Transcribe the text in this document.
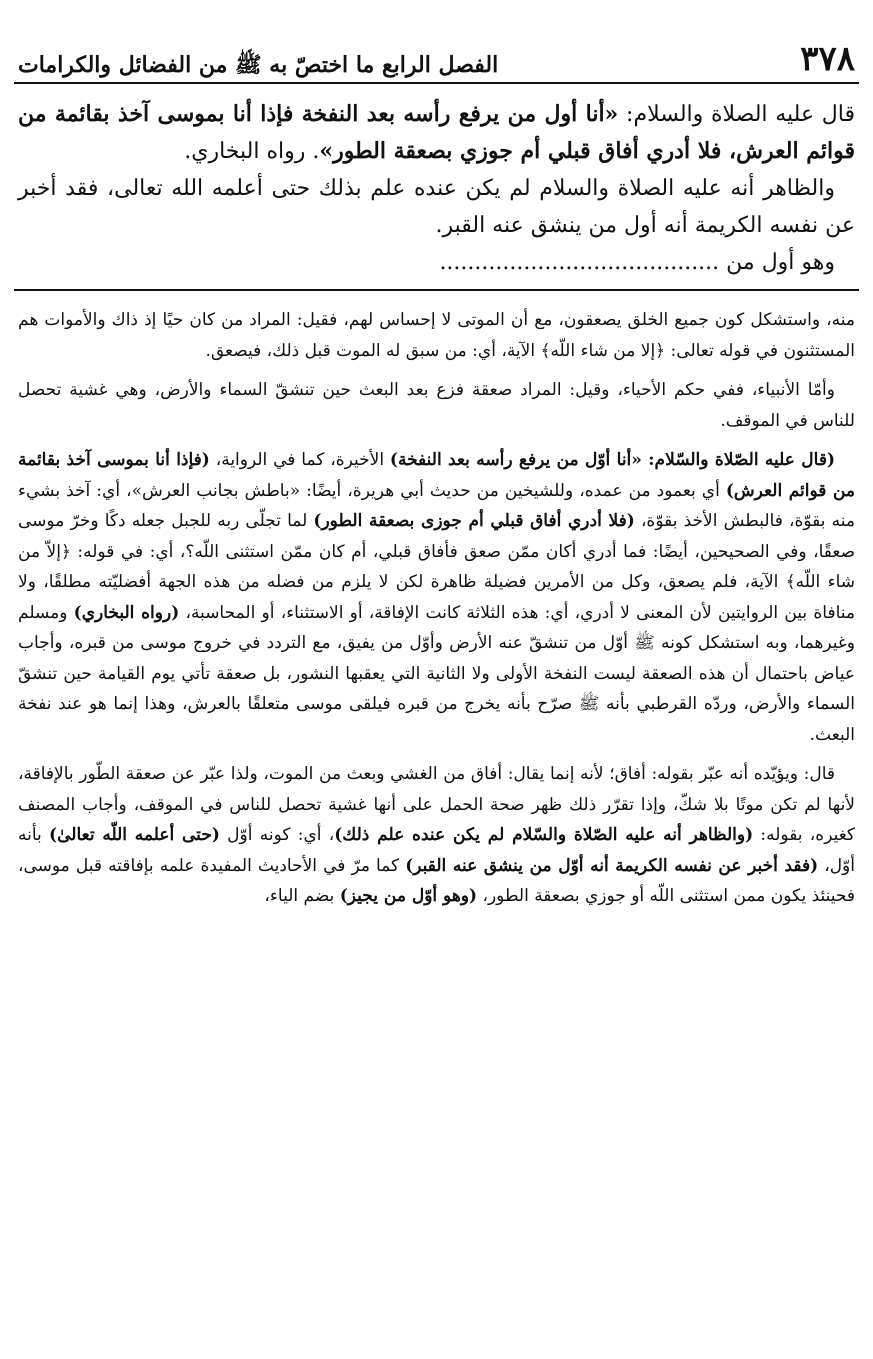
٣٧٨
الفصل الرابع ما اختصّ به ﷺ من الفضائل والكرامات

قال عليه الصلاة والسلام: «أنا أول من يرفع رأسه بعد النفخة فإذا أنا بموسى آخذ بقائمة من قوائم العرش، فلا أدري أفاق قبلي أم جوزي بصعقة الطور». رواه البخاري.

والظاهر أنه عليه الصلاة والسلام لم يكن عنده علم بذلك حتى أعلمه الله تعالى، فقد أخبر عن نفسه الكريمة أنه أول من ينشق عنه القبر.

وهو أول من ........................................

منه، واستشكل كون جميع الخلق يصعقون، مع أن الموتى لا إحساس لهم، فقيل: المراد من كان حيًا إذ ذاك والأموات هم المستثنون في قوله تعالى: ﴿إلا من شاء اللّه﴾ الآية، أي: من سبق له الموت قبل ذلك، فيصعق.

وأمّا الأنبياء، ففي حكم الأحياء، وقيل: المراد صعقة فزع بعد البعث حين تنشقّ السماء والأرض، وهي غشية تحصل للناس في الموقف.

(قال عليه الصّلاة والسّلام: «أنا أوّل من يرفع رأسه بعد النفخة) الأخيرة، كما في الرواية، (فإذا أنا بموسى آخذ بقائمة من قوائم العرش) أي بعمود من عمده، وللشيخين من حديث أبي هريرة، أيضًا: «باطش بجانب العرش»، أي: آخذ بشيء منه بقوّة، فالبطش الأخذ بقوّة، (فلا أدري أفاق قبلي أم جوزى بصعقة الطور) لما تجلّى ربه للجبل جعله دكًا وخرّ موسى صعقًا، وفي الصحيحين، أيضًا: فما أدري أكان ممّن صعق فأفاق قبلي، أم كان ممّن استثنى اللّه؟، أي: في قوله: ﴿إلاّ من شاء اللّه﴾ الآية، فلم يصعق، وكل من الأمرين فضيلة ظاهرة لكن لا يلزم من فضله من هذه الجهة أفضليّته مطلقًا، ولا منافاة بين الروايتين لأن المعنى لا أدري، أي: هذه الثلاثة كانت الإفاقة، أو الاستثناء، أو المحاسبة، (رواه البخاري) ومسلم وغيرهما، وبه استشكل كونه ﷺ أوّل من تنشقّ عنه الأرض وأوّل من يفيق، مع التردد في خروج موسى من قبره، وأجاب عياض باحتمال أن هذه الصعقة ليست النفخة الأولى ولا الثانية التي يعقبها النشور، بل صعقة تأتي يوم القيامة حين تنشقّ السماء والأرض، وردّه القرطبي بأنه ﷺ صرّح بأنه يخرج من قبره فيلقى موسى متعلقًا بالعرش، وهذا إنما هو عند نفخة البعث.

قال: ويؤيّده أنه عبّر بقوله: أفاق؛ لأنه إنما يقال: أفاق من الغشي وبعث من الموت، ولذا عبّر عن صعقة الطّور بالإفاقة، لأنها لم تكن موتًا بلا شكّ، وإذا تقرّر ذلك ظهر صحة الحمل على أنها غشية تحصل للناس في الموقف، وأجاب المصنف كغيره، بقوله: (والظاهر أنه عليه الصّلاة والسّلام لم يكن عنده علم ذلك)، أي: كونه أوّل (حتى أعلمه اللّه تعالىٰ) بأنه أوّل، (فقد أخبر عن نفسه الكريمة أنه أوّل من ينشق عنه القبر) كما مرّ في الأحاديث المفيدة علمه بإفاقته قبل موسى، فحينئذ يكون ممن استثنى اللّه أو جوزي بصعقة الطور، (وهو أوّل من يجيز) بضم الياء،
